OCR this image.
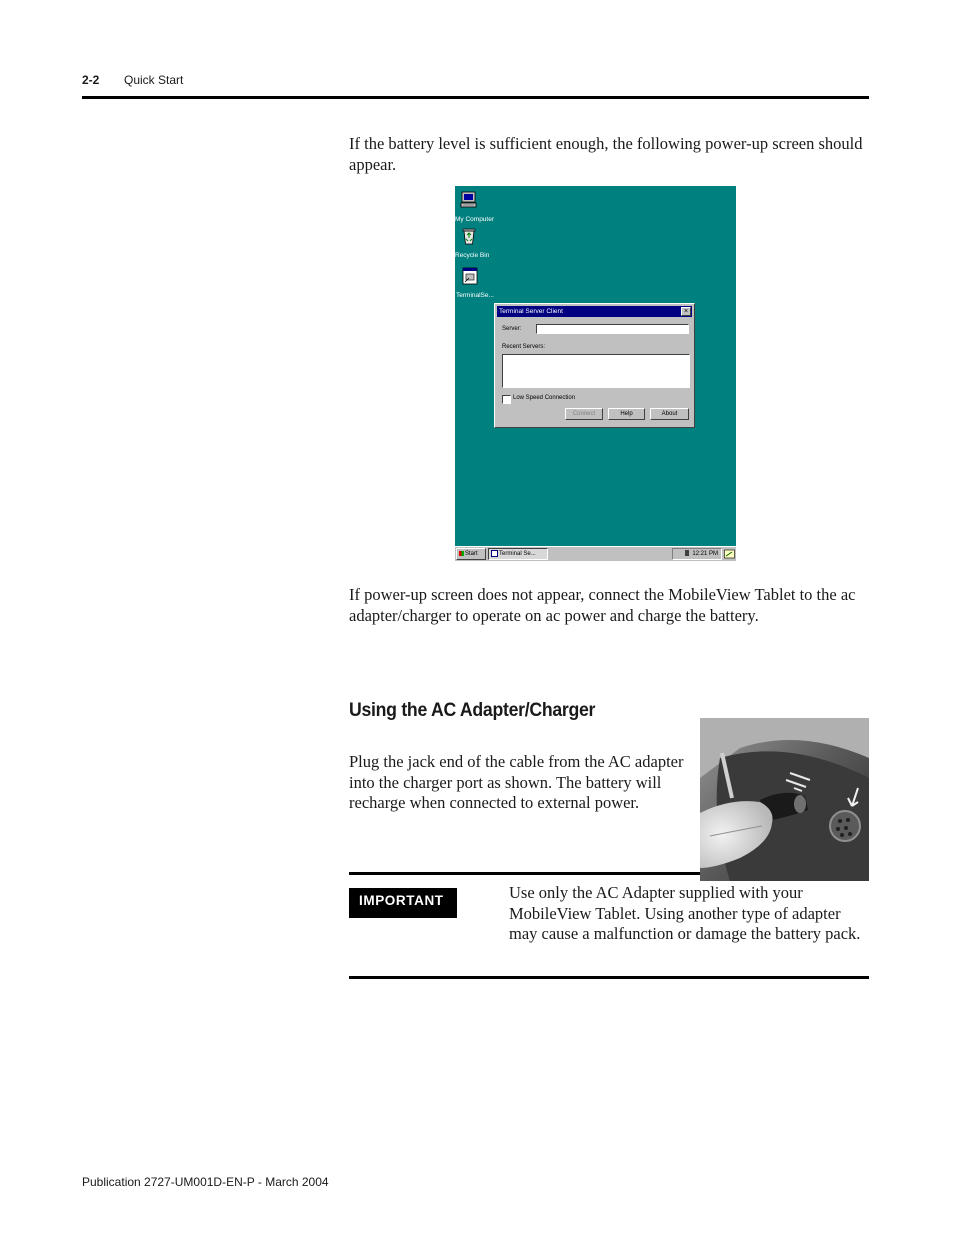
2-2 Quick Start
If the battery level is sufficient enough, the following power-up screen should appear.
My Computer
Recycle Bin
TerminalSe...
Terminal Server Client	×
Server:
Recent Servers:
Low Speed Connection
Connect	Help	About
Start	Terminal Se...	12:21 PM
If power-up screen does not appear, connect the MobileView Tablet to the ac adapter/charger to operate on ac power and charge the battery.
Using the AC Adapter/Charger
Plug the jack end of the cable from the AC adapter into the charger port as shown. The battery will recharge when connected to external power.
IMPORTANT	Use only the AC Adapter supplied with your MobileView Tablet. Using another type of adapter may cause a malfunction or damage the battery pack.
Publication 2727-UM001D-EN-P - March 2004
